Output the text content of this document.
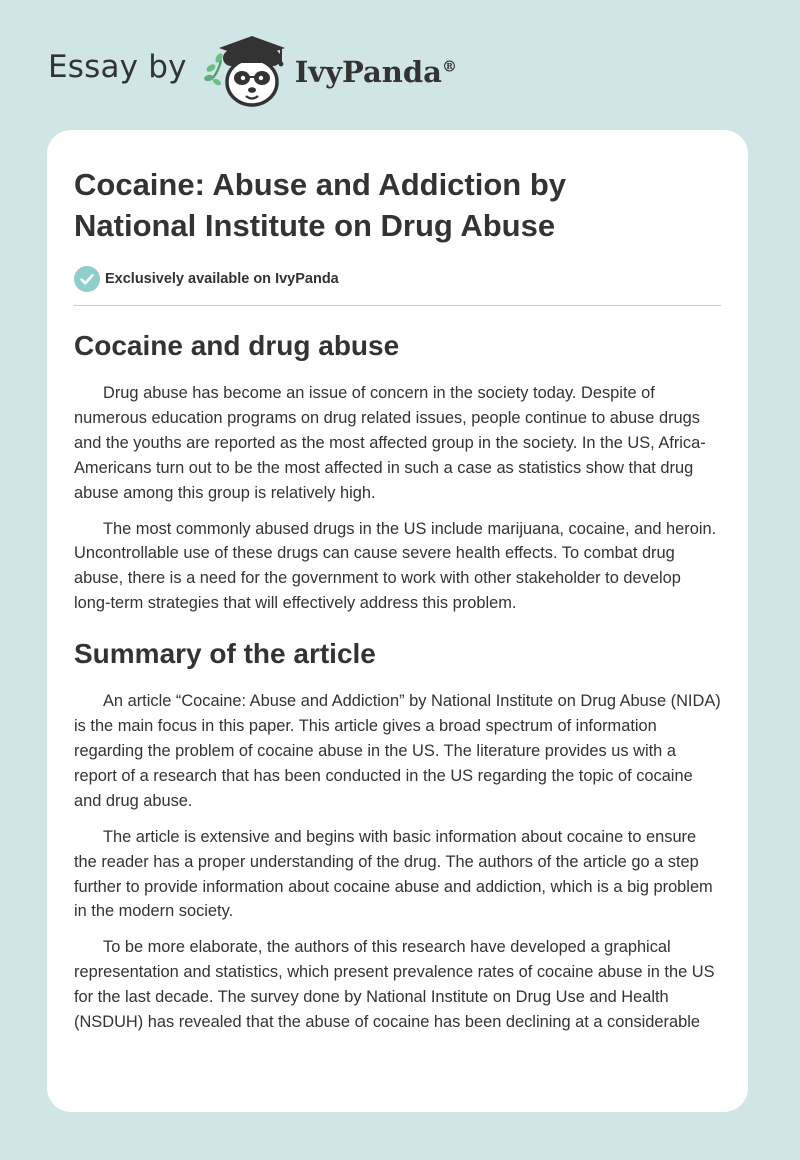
Essay by	IvyPanda®
Cocaine: Abuse and Addiction by
National Institute on Drug Abuse
Exclusively available on IvyPanda
Cocaine and drug abuse

Drug abuse has become an issue of concern in the society today. Despite of numerous education programs on drug related issues, people continue to abuse drugs and the youths are reported as the most affected group in the society. In the US, Africa-Americans turn out to be the most affected in such a case as statistics show that drug abuse among this group is relatively high.

The most commonly abused drugs in the US include marijuana, cocaine, and heroin. Uncontrollable use of these drugs can cause severe health effects. To combat drug abuse, there is a need for the government to work with other stakeholder to develop long-term strategies that will effectively address this problem.

Summary of the article

An article “Cocaine: Abuse and Addiction” by National Institute on Drug Abuse (NIDA) is the main focus in this paper. This article gives a broad spectrum of information regarding the problem of cocaine abuse in the US. The literature provides us with a report of a research that has been conducted in the US regarding the topic of cocaine and drug abuse.

The article is extensive and begins with basic information about cocaine to ensure the reader has a proper understanding of the drug. The authors of the article go a step further to provide information about cocaine abuse and addiction, which is a big problem in the modern society.

To be more elaborate, the authors of this research have developed a graphical representation and statistics, which present prevalence rates of cocaine abuse in the US for the last decade. The survey done by National Institute on Drug Use and Health (NSDUH) has revealed that the abuse of cocaine has been declining at a considerable
